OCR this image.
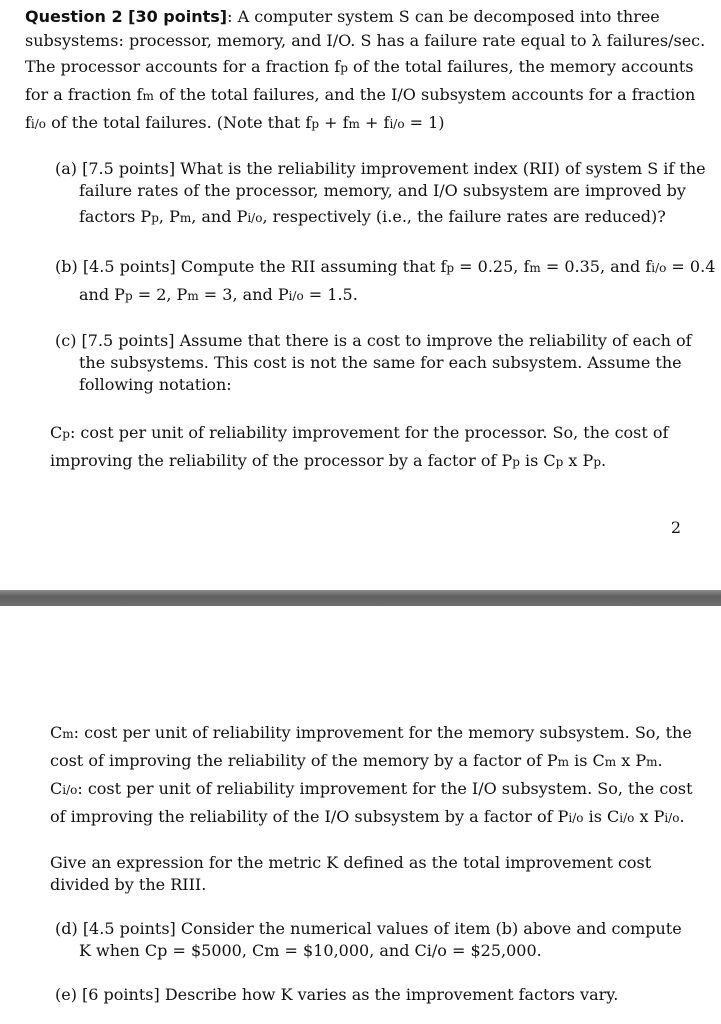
Question 2 [30 points]: A computer system S can be decomposed into three

subsystems: processor, memory, and I/O. S has a failure rate equal to λ failures/sec.

The processor accounts for a fraction fp of the total failures, the memory accounts

for a fraction fm of the total failures, and the I/O subsystem accounts for a fraction

fi/o of the total failures. (Note that fp + fm + fi/o = 1)

(a) [7.5 points] What is the reliability improvement index (RII) of system S if the

failure rates of the processor, memory, and I/O subsystem are improved by

factors Pp, Pm, and Pi/o, respectively (i.e., the failure rates are reduced)?

(b) [4.5 points] Compute the RII assuming that fp = 0.25, fm = 0.35, and fi/o = 0.4

and Pp = 2, Pm = 3, and Pi/o = 1.5.

(c) [7.5 points] Assume that there is a cost to improve the reliability of each of

the subsystems. This cost is not the same for each subsystem. Assume the

following notation:

Cp: cost per unit of reliability improvement for the processor. So, the cost of

improving the reliability of the processor by a factor of Pp is Cp x Pp.

2

Cm: cost per unit of reliability improvement for the memory subsystem. So, the

cost of improving the reliability of the memory by a factor of Pm is Cm x Pm.

Ci/o: cost per unit of reliability improvement for the I/O subsystem. So, the cost

of improving the reliability of the I/O subsystem by a factor of Pi/o is Ci/o x Pi/o.

Give an expression for the metric K defined as the total improvement cost

divided by the RIII.

(d) [4.5 points] Consider the numerical values of item (b) above and compute

K when Cp = $5000, Cm = $10,000, and Ci/o = $25,000.

(e) [6 points] Describe how K varies as the improvement factors vary.
